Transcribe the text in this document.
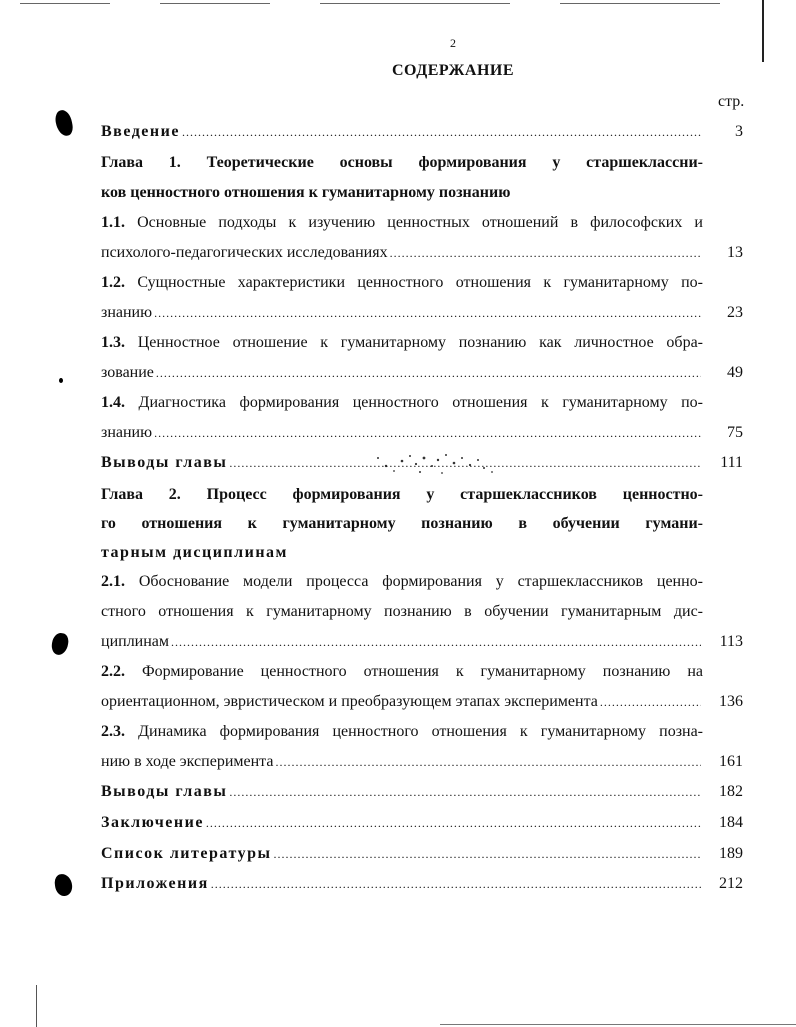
2
СОДЕРЖАНИЕ
стр.
Введение .....	3
Глава 1. Теоретические основы формирования у старшеклассни-
ков ценностного отношения к гуманитарному познанию
1.1. Основные подходы к изучению ценностных отношений в философских и
психолого-педагогических исследованиях .....	13
1.2. Сущностные характеристики ценностного отношения к гуманитарному по-
знанию .....	23
1.3. Ценностное отношение к гуманитарному познанию как личностное обра-
зование .....	49
1.4. Диагностика формирования ценностного отношения к гуманитарному по-
знанию .....	75
Выводы главы .....	111
Глава 2. Процесс формирования у старшеклассников ценностно-
го отношения к гуманитарному познанию в обучении гумани-
тарным дисциплинам
2.1. Обоснование модели процесса формирования у старшеклассников ценно-
стного отношения к гуманитарному познанию в обучении гуманитарным дис-
циплинам .....	113
2.2. Формирование ценностного отношения к гуманитарному познанию на
ориентационном, эвристическом и преобразующем этапах эксперимента .....	136
2.3. Динамика формирования ценностного отношения к гуманитарному позна-
нию в ходе эксперимента .....	161
Выводы главы .....	182
Заключение .....	184
Список литературы .....	189
Приложения .....	212
